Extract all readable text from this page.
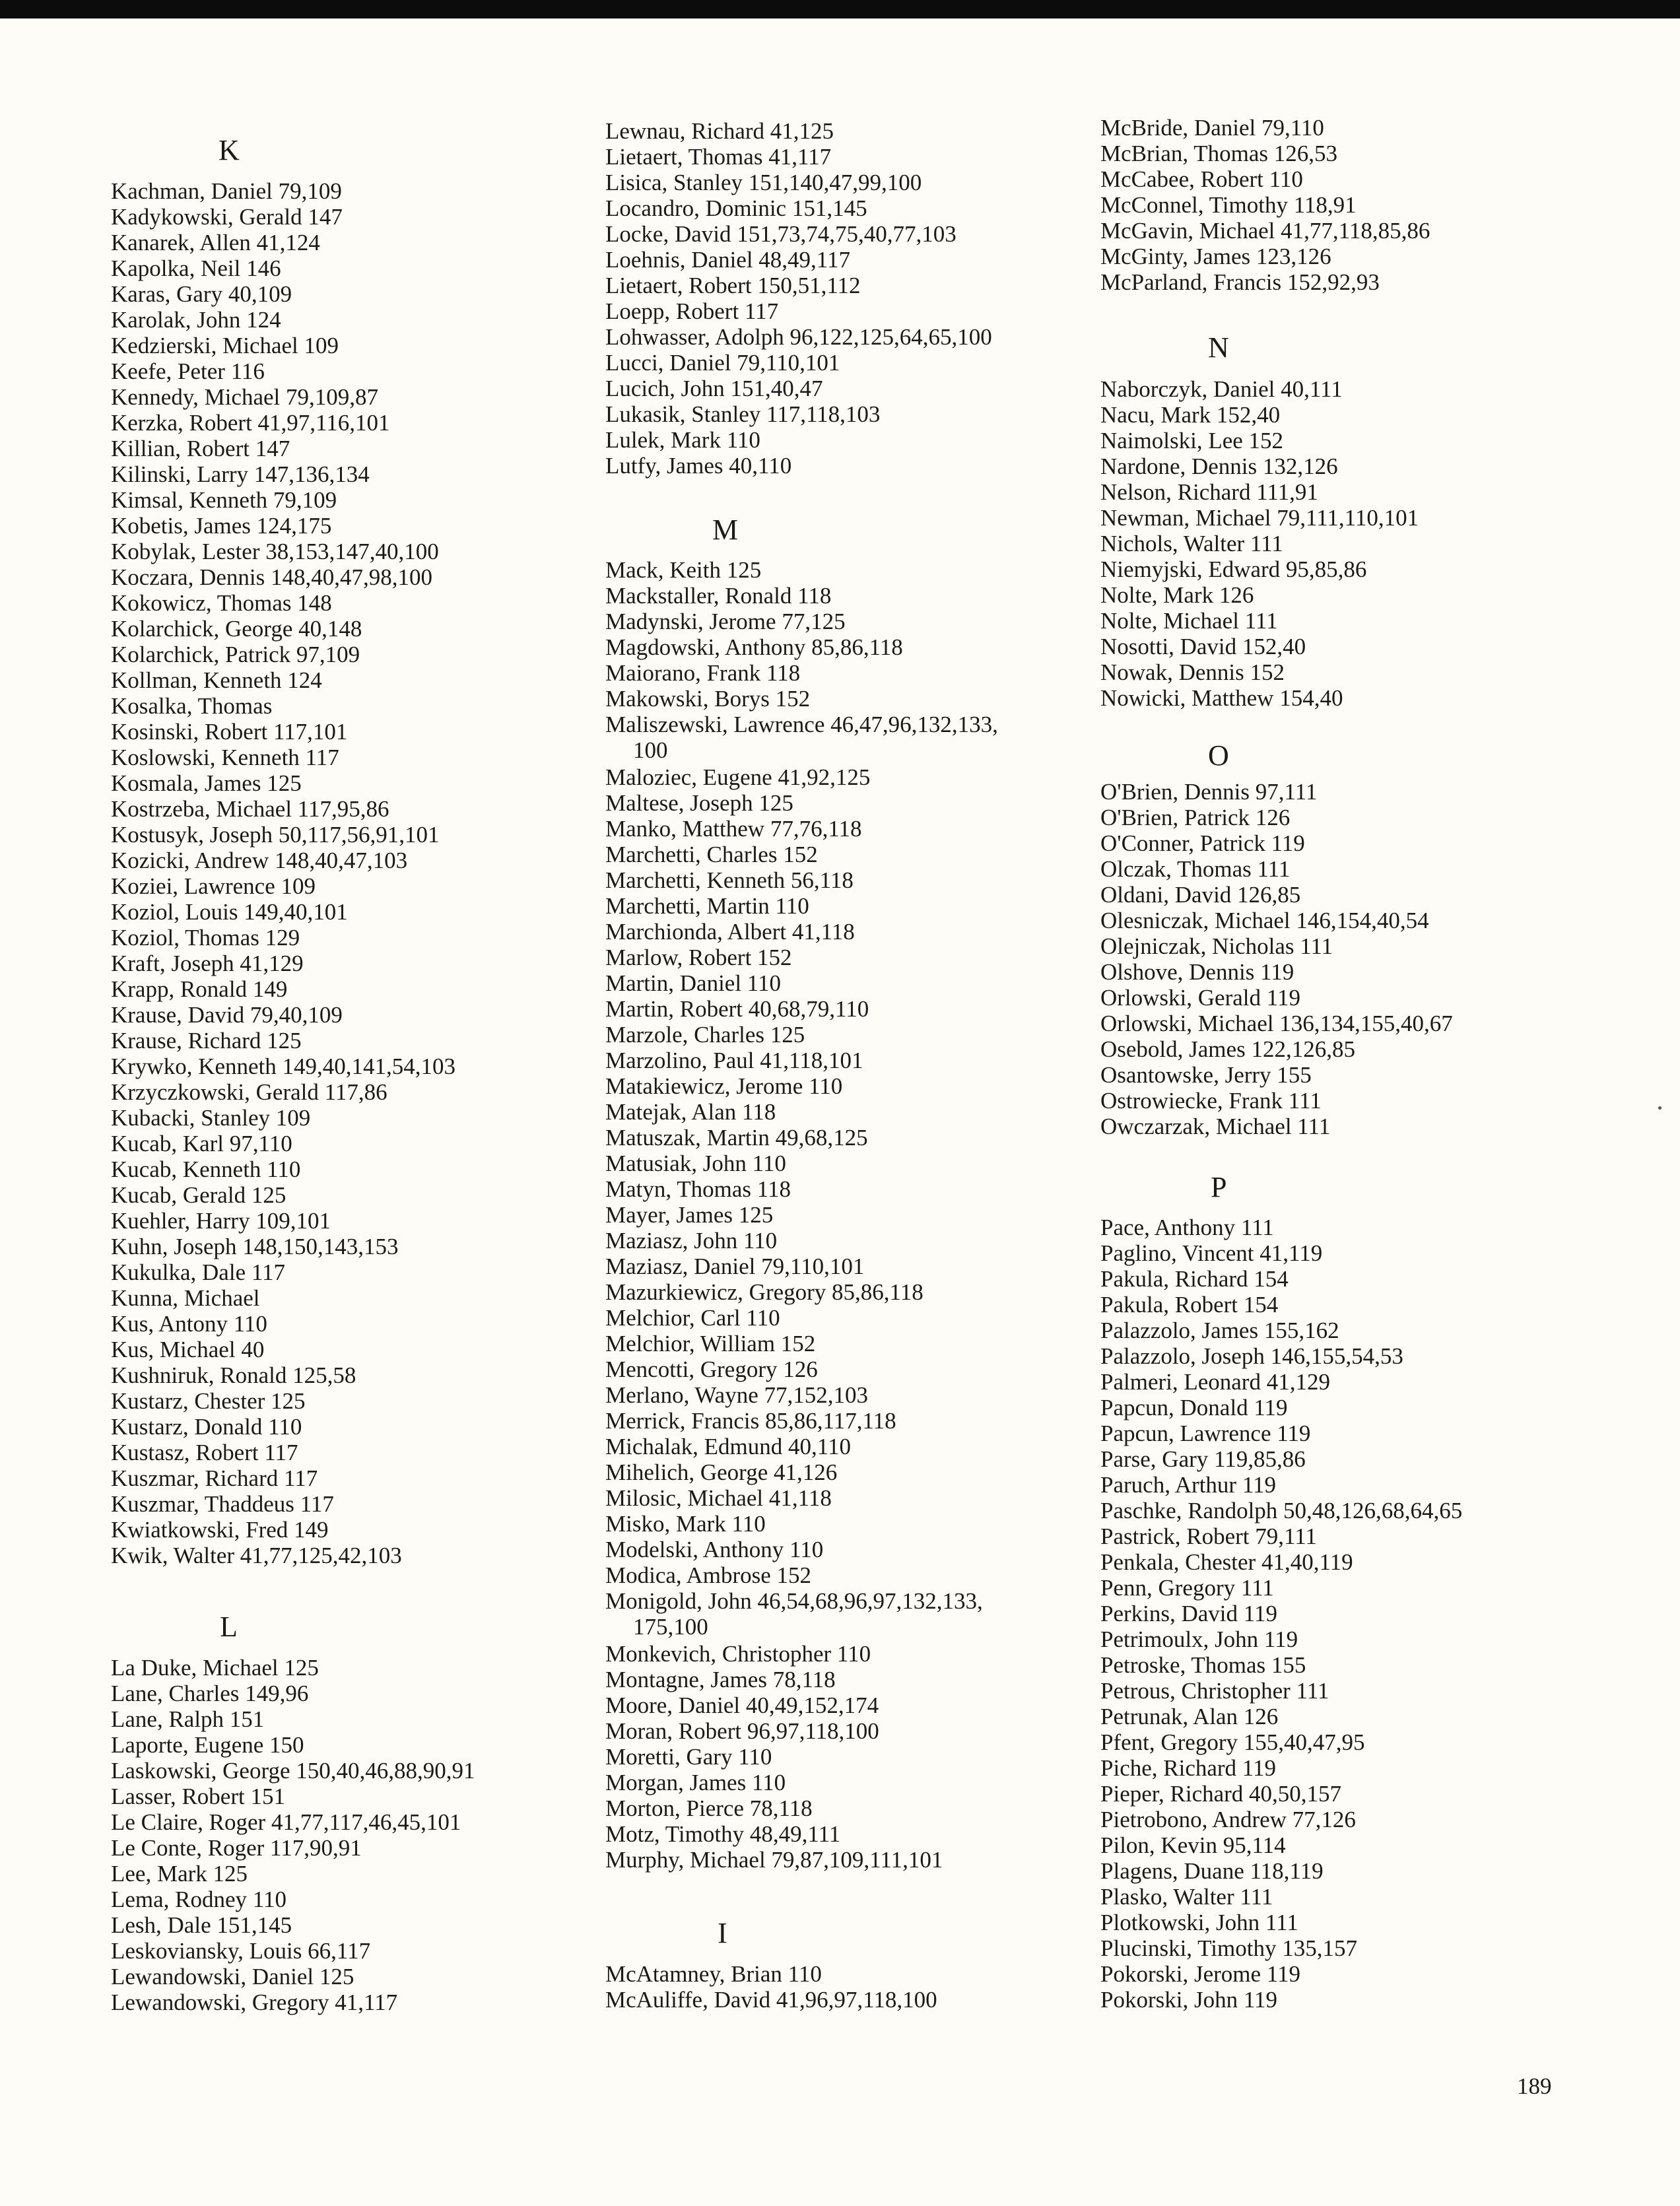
K
Kachman, Daniel 79,109
Kadykowski, Gerald 147
Kanarek, Allen 41,124
Kapolka, Neil 146
Karas, Gary 40,109
Karolak, John 124
Kedzierski, Michael 109
Keefe, Peter 116
Kennedy, Michael 79,109,87
Kerzka, Robert 41,97,116,101
Killian, Robert 147
Kilinski, Larry 147,136,134
Kimsal, Kenneth 79,109
Kobetis, James 124,175
Kobylak, Lester 38,153,147,40,100
Koczara, Dennis 148,40,47,98,100
Kokowicz, Thomas 148
Kolarchick, George 40,148
Kolarchick, Patrick 97,109
Kollman, Kenneth 124
Kosalka, Thomas
Kosinski, Robert 117,101
Koslowski, Kenneth 117
Kosmala, James 125
Kostrzeba, Michael 117,95,86
Kostusyk, Joseph 50,117,56,91,101
Kozicki, Andrew 148,40,47,103
Koziei, Lawrence 109
Koziol, Louis 149,40,101
Koziol, Thomas 129
Kraft, Joseph 41,129
Krapp, Ronald 149
Krause, David 79,40,109
Krause, Richard 125
Krywko, Kenneth 149,40,141,54,103
Krzyczkowski, Gerald 117,86
Kubacki, Stanley 109
Kucab, Karl 97,110
Kucab, Kenneth 110
Kucab, Gerald 125
Kuehler, Harry 109,101
Kuhn, Joseph 148,150,143,153
Kukulka, Dale 117
Kunna, Michael
Kus, Antony 110
Kus, Michael 40
Kushniruk, Ronald 125,58
Kustarz, Chester 125
Kustarz, Donald 110
Kustasz, Robert 117
Kuszmar, Richard 117
Kuszmar, Thaddeus 117
Kwiatkowski, Fred 149
Kwik, Walter 41,77,125,42,103
L
La Duke, Michael 125
Lane, Charles 149,96
Lane, Ralph 151
Laporte, Eugene 150
Laskowski, George 150,40,46,88,90,91
Lasser, Robert 151
Le Claire, Roger 41,77,117,46,45,101
Le Conte, Roger 117,90,91
Lee, Mark 125
Lema, Rodney 110
Lesh, Dale 151,145
Leskoviansky, Louis 66,117
Lewandowski, Daniel 125
Lewandowski, Gregory 41,117
Lewnau, Richard 41,125
Lietaert, Thomas 41,117
Lisica, Stanley 151,140,47,99,100
Locandro, Dominic 151,145
Locke, David 151,73,74,75,40,77,103
Loehnis, Daniel 48,49,117
Lietaert, Robert 150,51,112
Loepp, Robert 117
Lohwasser, Adolph 96,122,125,64,65,100
Lucci, Daniel 79,110,101
Lucich, John 151,40,47
Lukasik, Stanley 117,118,103
Lulek, Mark 110
Lutfy, James 40,110
M
Mack, Keith 125
Mackstaller, Ronald 118
Madynski, Jerome 77,125
Magdowski, Anthony 85,86,118
Maiorano, Frank 118
Makowski, Borys 152
Maliszewski, Lawrence 46,47,96,132,133,
100
Maloziec, Eugene 41,92,125
Maltese, Joseph 125
Manko, Matthew 77,76,118
Marchetti, Charles 152
Marchetti, Kenneth 56,118
Marchetti, Martin 110
Marchionda, Albert 41,118
Marlow, Robert 152
Martin, Daniel 110
Martin, Robert 40,68,79,110
Marzole, Charles 125
Marzolino, Paul 41,118,101
Matakiewicz, Jerome 110
Matejak, Alan 118
Matuszak, Martin 49,68,125
Matusiak, John 110
Matyn, Thomas 118
Mayer, James 125
Maziasz, John 110
Maziasz, Daniel 79,110,101
Mazurkiewicz, Gregory 85,86,118
Melchior, Carl 110
Melchior, William 152
Mencotti, Gregory 126
Merlano, Wayne 77,152,103
Merrick, Francis 85,86,117,118
Michalak, Edmund 40,110
Mihelich, George 41,126
Milosic, Michael 41,118
Misko, Mark 110
Modelski, Anthony 110
Modica, Ambrose 152
Monigold, John 46,54,68,96,97,132,133,
175,100
Monkevich, Christopher 110
Montagne, James 78,118
Moore, Daniel 40,49,152,174
Moran, Robert 96,97,118,100
Moretti, Gary 110
Morgan, James 110
Morton, Pierce 78,118
Motz, Timothy 48,49,111
Murphy, Michael 79,87,109,111,101
I
McAtamney, Brian 110
McAuliffe, David 41,96,97,118,100
McBride, Daniel 79,110
McBrian, Thomas 126,53
McCabee, Robert 110
McConnel, Timothy 118,91
McGavin, Michael 41,77,118,85,86
McGinty, James 123,126
McParland, Francis 152,92,93
N
Naborczyk, Daniel 40,111
Nacu, Mark 152,40
Naimolski, Lee 152
Nardone, Dennis 132,126
Nelson, Richard 111,91
Newman, Michael 79,111,110,101
Nichols, Walter 111
Niemyjski, Edward 95,85,86
Nolte, Mark 126
Nolte, Michael 111
Nosotti, David 152,40
Nowak, Dennis 152
Nowicki, Matthew 154,40
O
O'Brien, Dennis 97,111
O'Brien, Patrick 126
O'Conner, Patrick 119
Olczak, Thomas 111
Oldani, David 126,85
Olesniczak, Michael 146,154,40,54
Olejniczak, Nicholas 111
Olshove, Dennis 119
Orlowski, Gerald 119
Orlowski, Michael 136,134,155,40,67
Osebold, James 122,126,85
Osantowske, Jerry 155
Ostrowiecke, Frank 111
Owczarzak, Michael 111
P
Pace, Anthony 111
Paglino, Vincent 41,119
Pakula, Richard 154
Pakula, Robert 154
Palazzolo, James 155,162
Palazzolo, Joseph 146,155,54,53
Palmeri, Leonard 41,129
Papcun, Donald 119
Papcun, Lawrence 119
Parse, Gary 119,85,86
Paruch, Arthur 119
Paschke, Randolph 50,48,126,68,64,65
Pastrick, Robert 79,111
Penkala, Chester 41,40,119
Penn, Gregory 111
Perkins, David 119
Petrimoulx, John 119
Petroske, Thomas 155
Petrous, Christopher 111
Petrunak, Alan 126
Pfent, Gregory 155,40,47,95
Piche, Richard 119
Pieper, Richard 40,50,157
Pietrobono, Andrew 77,126
Pilon, Kevin 95,114
Plagens, Duane 118,119
Plasko, Walter 111
Plotkowski, John 111
Plucinski, Timothy 135,157
Pokorski, Jerome 119
Pokorski, John 119
189
